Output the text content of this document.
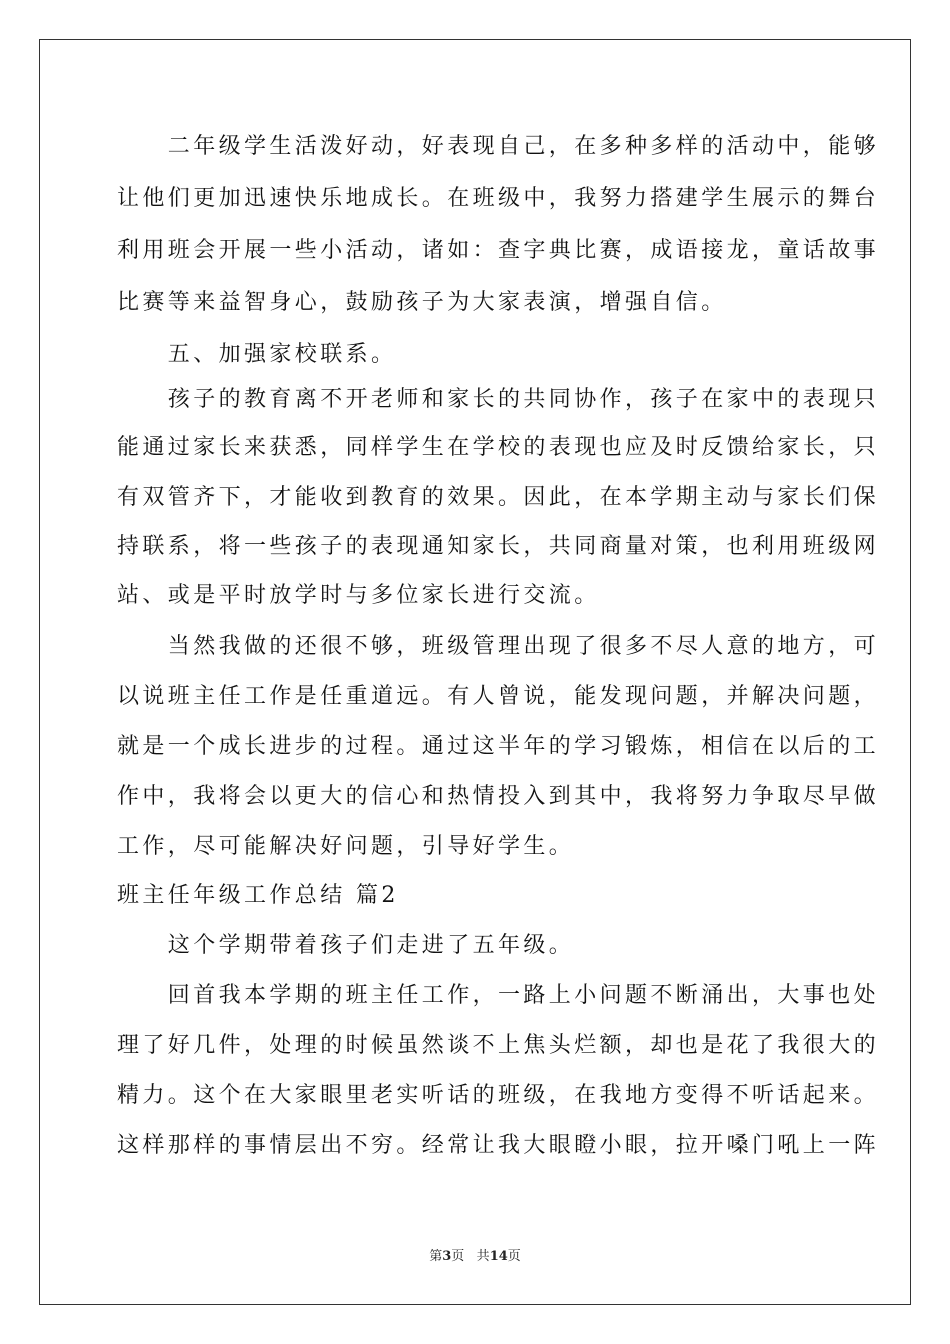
　　二年级学生活泼好动，好表现自己，在多种多样的活动中，能够
让他们更加迅速快乐地成长。在班级中，我努力搭建学生展示的舞台
利用班会开展一些小活动，诸如：查字典比赛，成语接龙，童话故事
比赛等来益智身心，鼓励孩子为大家表演，增强自信。
　　五、加强家校联系。
　　孩子的教育离不开老师和家长的共同协作，孩子在家中的表现只
能通过家长来获悉，同样学生在学校的表现也应及时反馈给家长，只
有双管齐下，才能收到教育的效果。因此，在本学期主动与家长们保
持联系，将一些孩子的表现通知家长，共同商量对策，也利用班级网
站、或是平时放学时与多位家长进行交流。
　　当然我做的还很不够，班级管理出现了很多不尽人意的地方，可
以说班主任工作是任重道远。有人曾说，能发现问题，并解决问题，
就是一个成长进步的过程。通过这半年的学习锻炼，相信在以后的工
作中，我将会以更大的信心和热情投入到其中，我将努力争取尽早做
工作，尽可能解决好问题，引导好学生。
班主任年级工作总结 篇2
　　这个学期带着孩子们走进了五年级。
　　回首我本学期的班主任工作，一路上小问题不断涌出，大事也处
理了好几件，处理的时候虽然谈不上焦头烂额，却也是花了我很大的
精力。这个在大家眼里老实听话的班级，在我地方变得不听话起来。
这样那样的事情层出不穷。经常让我大眼瞪小眼，拉开嗓门吼上一阵
第3页 共14页
